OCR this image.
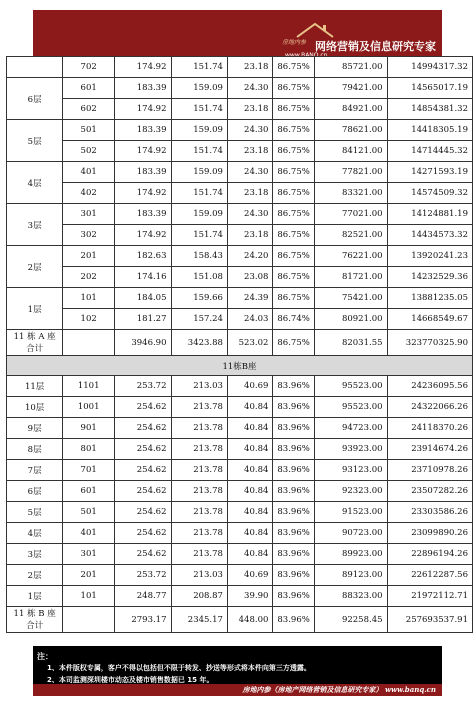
房地内参
www.BANQ.cn
网络营销及信息研究专家
	702	174.92	151.74	23.18	86.75%	85721.00	14994317.32
6层	601	183.39	159.09	24.30	86.75%	79421.00	14565017.19
	602	174.92	151.74	23.18	86.75%	84921.00	14854381.32
5层	501	183.39	159.09	24.30	86.75%	78621.00	14418305.19
	502	174.92	151.74	23.18	86.75%	84121.00	14714445.32
4层	401	183.39	159.09	24.30	86.75%	77821.00	14271593.19
	402	174.92	151.74	23.18	86.75%	83321.00	14574509.32
3层	301	183.39	159.09	24.30	86.75%	77021.00	14124881.19
	302	174.92	151.74	23.18	86.75%	82521.00	14434573.32
2层	201	182.63	158.43	24.20	86.75%	76221.00	13920241.23
	202	174.16	151.08	23.08	86.75%	81721.00	14232529.36
1层	101	184.05	159.66	24.39	86.75%	75421.00	13881235.05
	102	181.27	157.24	24.03	86.74%	80921.00	14668549.67

11 栋 A 座
合计		3946.90	3423.88	523.02	86.75%	82031.55	323770325.90
11栋B座							
11层	1101	253.72	213.03	40.69	83.96%	95523.00	24236095.56
10层	1001	254.62	213.78	40.84	83.96%	95523.00	24322066.26
9层	901	254.62	213.78	40.84	83.96%	94723.00	24118370.26
8层	801	254.62	213.78	40.84	83.96%	93923.00	23914674.26
7层	701	254.62	213.78	40.84	83.96%	93123.00	23710978.26
6层	601	254.62	213.78	40.84	83.96%	92323.00	23507282.26
5层	501	254.62	213.78	40.84	83.96%	91523.00	23303586.26
4层	401	254.62	213.78	40.84	83.96%	90723.00	23099890.26
3层	301	254.62	213.78	40.84	83.96%	89923.00	22896194.26
2层	201	253.72	213.03	40.69	83.96%	89123.00	22612287.56
1层	101	248.77	208.87	39.90	83.96%	88323.00	21972112.71

11 栋 B 座
合计		2793.17	2345.17	448.00	83.96%	92258.45	257693537.91
注：
1、本件版权专属，客户不得以包括但不限于转发、抄送等形式将本件向第三方透露。
2、本司监测深圳楼市动态及楼市销售数据已 15 年。
房地内参（房地产网络营销及信息研究专家） www.banq.cn
8
